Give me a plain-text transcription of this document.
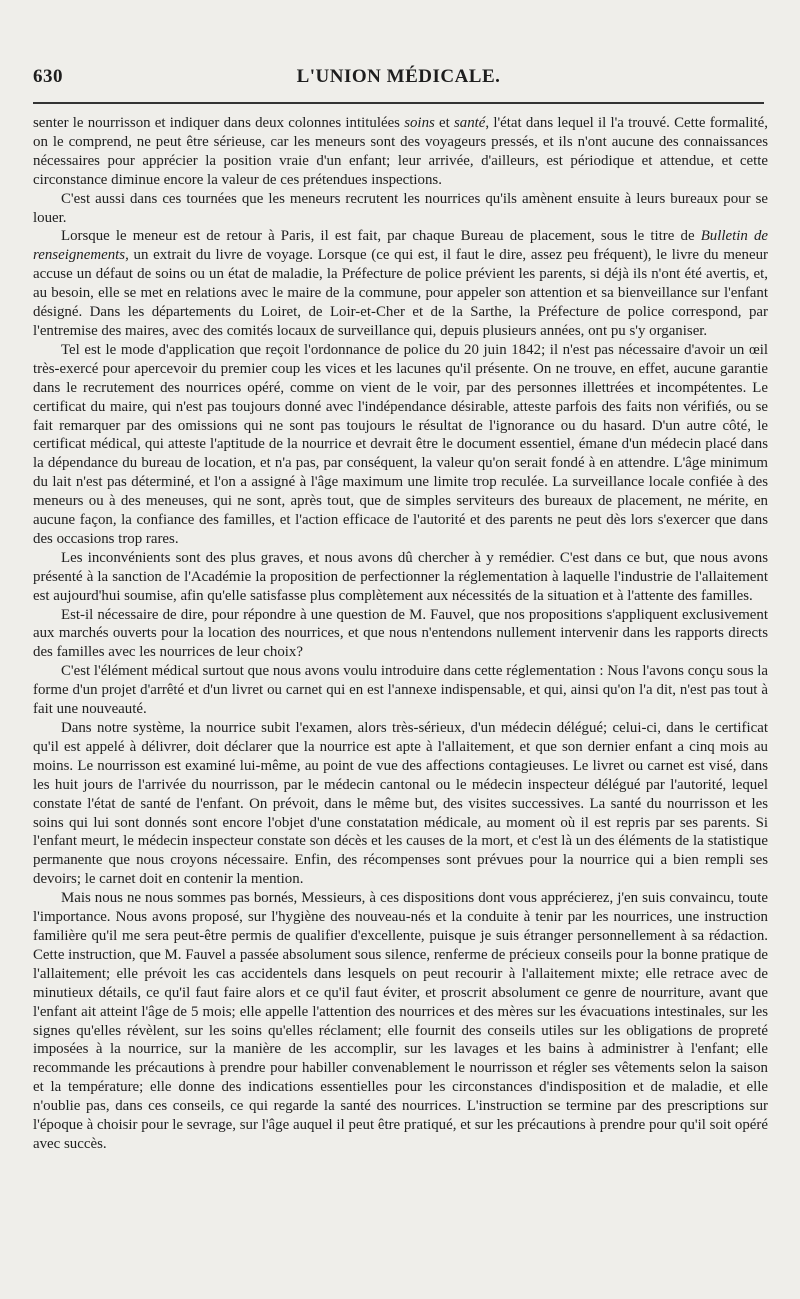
630	L'UNION MÉDICALE.

senter le nourrisson et indiquer dans deux colonnes intitulées soins et santé, l'état dans lequel il l'a trouvé. Cette formalité, on le comprend, ne peut être sérieuse, car les meneurs sont des voyageurs pressés, et ils n'ont aucune des connaissances nécessaires pour apprécier la position vraie d'un enfant; leur arrivée, d'ailleurs, est périodique et attendue, et cette circonstance diminue encore la valeur de ces prétendues inspections.

C'est aussi dans ces tournées que les meneurs recrutent les nourrices qu'ils amènent ensuite à leurs bureaux pour se louer.

Lorsque le meneur est de retour à Paris, il est fait, par chaque Bureau de placement, sous le titre de Bulletin de renseignements, un extrait du livre de voyage. Lorsque (ce qui est, il faut le dire, assez peu fréquent), le livre du meneur accuse un défaut de soins ou un état de maladie, la Préfecture de police prévient les parents, si déjà ils n'ont été avertis, et, au besoin, elle se met en relations avec le maire de la commune, pour appeler son attention et sa bienveillance sur l'enfant désigné. Dans les départements du Loiret, de Loir-et-Cher et de la Sarthe, la Préfecture de police correspond, par l'entremise des maires, avec des comités locaux de surveillance qui, depuis plusieurs années, ont pu s'y organiser.

Tel est le mode d'application que reçoit l'ordonnance de police du 20 juin 1842; il n'est pas nécessaire d'avoir un œil très-exercé pour apercevoir du premier coup les vices et les lacunes qu'il présente. On ne trouve, en effet, aucune garantie dans le recrutement des nourrices opéré, comme on vient de le voir, par des personnes illettrées et incompétentes. Le certificat du maire, qui n'est pas toujours donné avec l'indépendance désirable, atteste parfois des faits non vérifiés, ou se fait remarquer par des omissions qui ne sont pas toujours le résultat de l'ignorance ou du hasard. D'un autre côté, le certificat médical, qui atteste l'aptitude de la nourrice et devrait être le document essentiel, émane d'un médecin placé dans la dépendance du bureau de location, et n'a pas, par conséquent, la valeur qu'on serait fondé à en attendre. L'âge minimum du lait n'est pas déterminé, et l'on a assigné à l'âge maximum une limite trop reculée. La surveillance locale confiée à des meneurs ou à des meneuses, qui ne sont, après tout, que de simples serviteurs des bureaux de placement, ne mérite, en aucune façon, la confiance des familles, et l'action efficace de l'autorité et des parents ne peut dès lors s'exercer que dans des occasions trop rares.

Les inconvénients sont des plus graves, et nous avons dû chercher à y remédier. C'est dans ce but, que nous avons présenté à la sanction de l'Académie la proposition de perfectionner la réglementation à laquelle l'industrie de l'allaitement est aujourd'hui soumise, afin qu'elle satisfasse plus complètement aux nécessités de la situation et à l'attente des familles.

Est-il nécessaire de dire, pour répondre à une question de M. Fauvel, que nos propositions s'appliquent exclusivement aux marchés ouverts pour la location des nourrices, et que nous n'entendons nullement intervenir dans les rapports directs des familles avec les nourrices de leur choix?

C'est l'élément médical surtout que nous avons voulu introduire dans cette réglementation : Nous l'avons conçu sous la forme d'un projet d'arrêté et d'un livret ou carnet qui en est l'annexe indispensable, et qui, ainsi qu'on l'a dit, n'est pas tout à fait une nouveauté.

Dans notre système, la nourrice subit l'examen, alors très-sérieux, d'un médecin délégué; celui-ci, dans le certificat qu'il est appelé à délivrer, doit déclarer que la nourrice est apte à l'allaitement, et que son dernier enfant a cinq mois au moins. Le nourrisson est examiné lui-même, au point de vue des affections contagieuses. Le livret ou carnet est visé, dans les huit jours de l'arrivée du nourrisson, par le médecin cantonal ou le médecin inspecteur délégué par l'autorité, lequel constate l'état de santé de l'enfant. On prévoit, dans le même but, des visites successives. La santé du nourrisson et les soins qui lui sont donnés sont encore l'objet d'une constatation médicale, au moment où il est repris par ses parents. Si l'enfant meurt, le médecin inspecteur constate son décès et les causes de la mort, et c'est là un des éléments de la statistique permanente que nous croyons nécessaire. Enfin, des récompenses sont prévues pour la nourrice qui a bien rempli ses devoirs; le carnet doit en contenir la mention.

Mais nous ne nous sommes pas bornés, Messieurs, à ces dispositions dont vous apprécierez, j'en suis convaincu, toute l'importance. Nous avons proposé, sur l'hygiène des nouveau-nés et la conduite à tenir par les nourrices, une instruction familière qu'il me sera peut-être permis de qualifier d'excellente, puisque je suis étranger personnellement à sa rédaction. Cette instruction, que M. Fauvel a passée absolument sous silence, renferme de précieux conseils pour la bonne pratique de l'allaitement; elle prévoit les cas accidentels dans lesquels on peut recourir à l'allaitement mixte; elle retrace avec de minutieux détails, ce qu'il faut faire alors et ce qu'il faut éviter, et proscrit absolument ce genre de nourriture, avant que l'enfant ait atteint l'âge de 5 mois; elle appelle l'attention des nourrices et des mères sur les évacuations intestinales, sur les signes qu'elles révèlent, sur les soins qu'elles réclament; elle fournit des conseils utiles sur les obligations de propreté imposées à la nourrice, sur la manière de les accomplir, sur les lavages et les bains à administrer à l'enfant; elle recommande les précautions à prendre pour habiller convenablement le nourrisson et régler ses vêtements selon la saison et la température; elle donne des indications essentielles pour les circonstances d'indisposition et de maladie, et elle n'oublie pas, dans ces conseils, ce qui regarde la santé des nourrices. L'instruction se termine par des prescriptions sur l'époque à choisir pour le sevrage, sur l'âge auquel il peut être pratiqué, et sur les précautions à prendre pour qu'il soit opéré avec succès.
